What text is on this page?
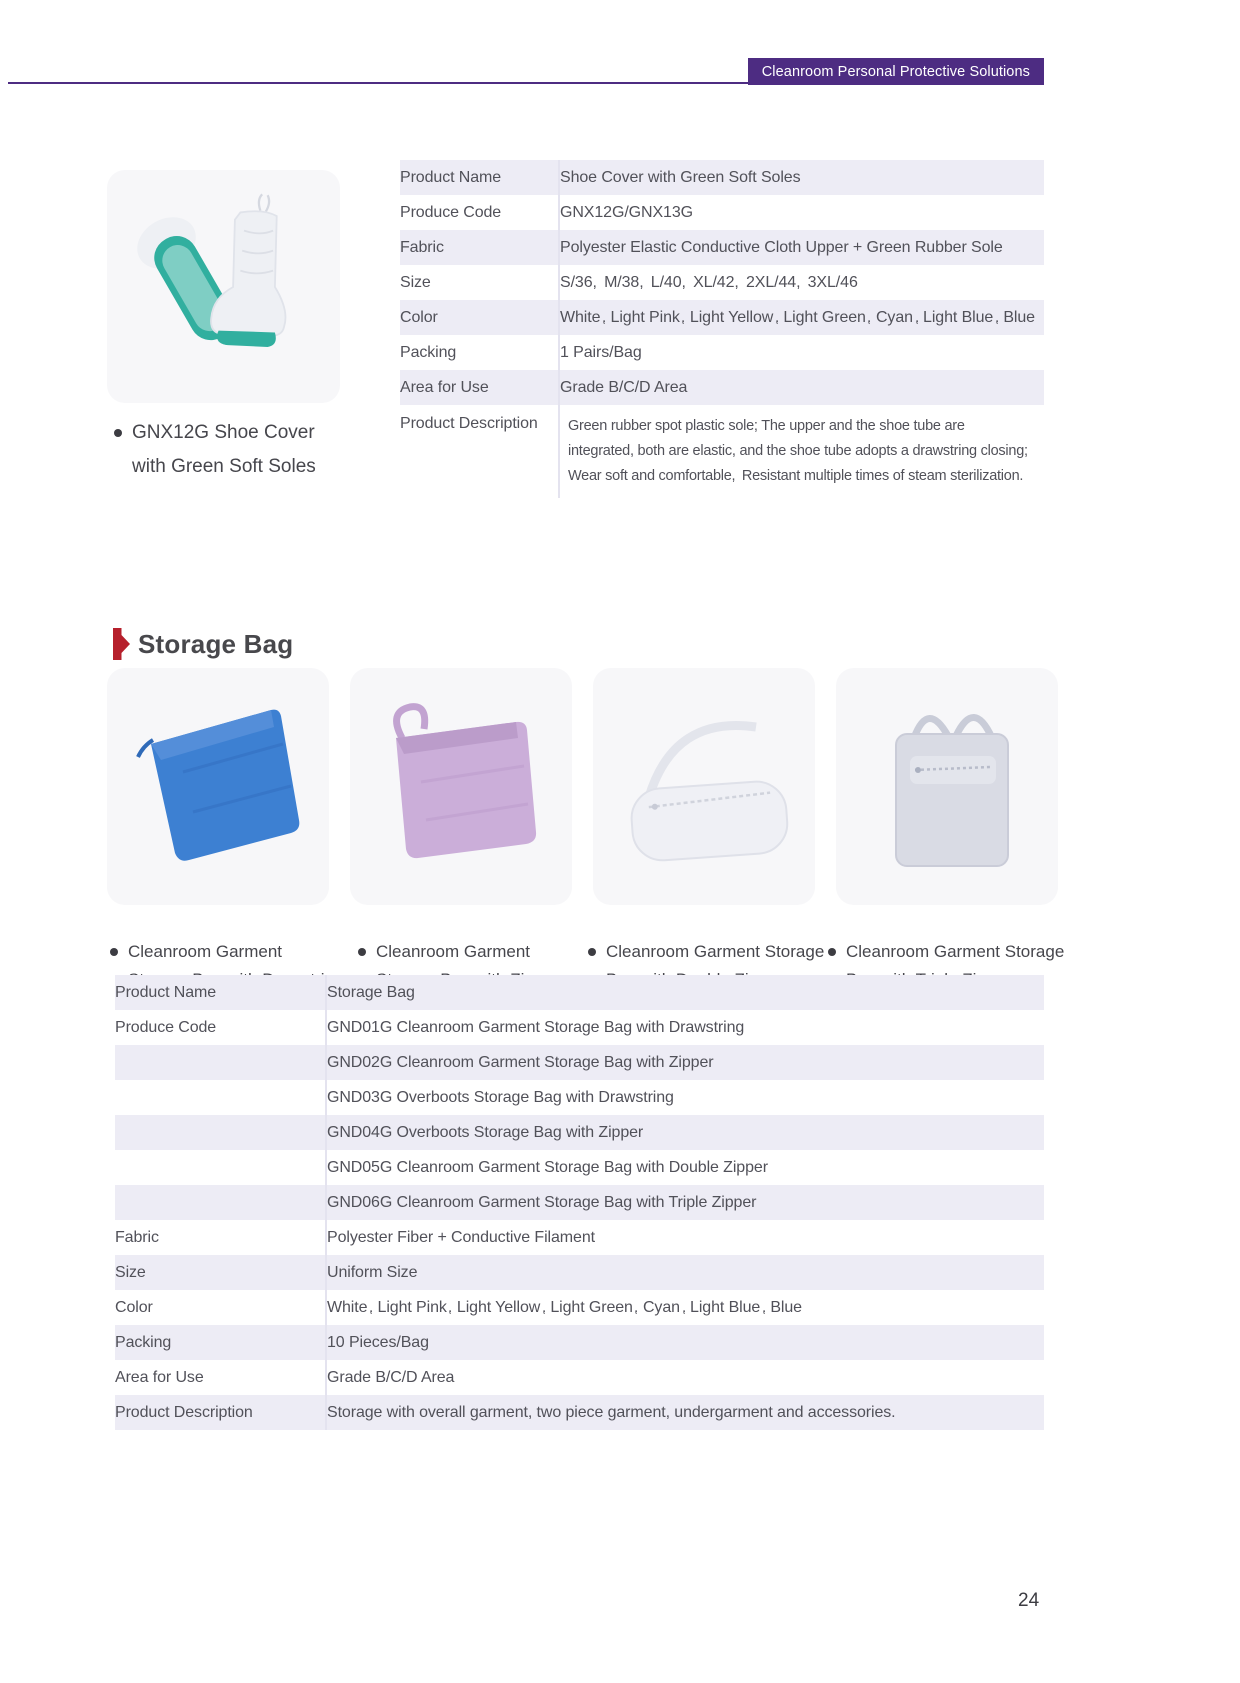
Cleanroom Personal Protective Solutions
GNX12G Shoe Cover
with Green Soft Soles
Product Name	Shoe Cover with Green Soft Soles
Produce Code	GNX12G/GNX13G
Fabric	Polyester Elastic Conductive Cloth Upper + Green Rubber Sole
Size	S/36, M/38, L/40, XL/42, 2XL/44, 3XL/46
Color	White, Light Pink, Light Yellow, Light Green, Cyan, Light Blue, Blue
Packing	1 Pairs/Bag
Area for Use	Grade B/C/D Area
Product Description	Green rubber spot plastic sole; The upper and the shoe tube are integrated, both are elastic, and the shoe tube adopts a drawstring closing; Wear soft and comfortable, Resistant multiple times of steam sterilization.
Storage Bag
Cleanroom Garment	Cleanroom Garment	Cleanroom Garment Storage Cleanroom Garment Storage

Product Name	Storage Bag
Produce Code	GND01G Cleanroom Garment Storage Bag with Drawstring
	GND02G Cleanroom Garment Storage Bag with Zipper
	GND03G Overboots Storage Bag with Drawstring
	GND04G Overboots Storage Bag with Zipper
	GND05G Cleanroom Garment Storage Bag with Double Zipper
	GND06G Cleanroom Garment Storage Bag with Triple Zipper
Fabric	Polyester Fiber + Conductive Filament
Size	Uniform Size
Color	White, Light Pink, Light Yellow, Light Green, Cyan, Light Blue, Blue
Packing	10 Pieces/Bag
Area for Use	Grade B/C/D Area
Product Description	Storage with overall garment, two piece garment, undergarment and accessories.
24
